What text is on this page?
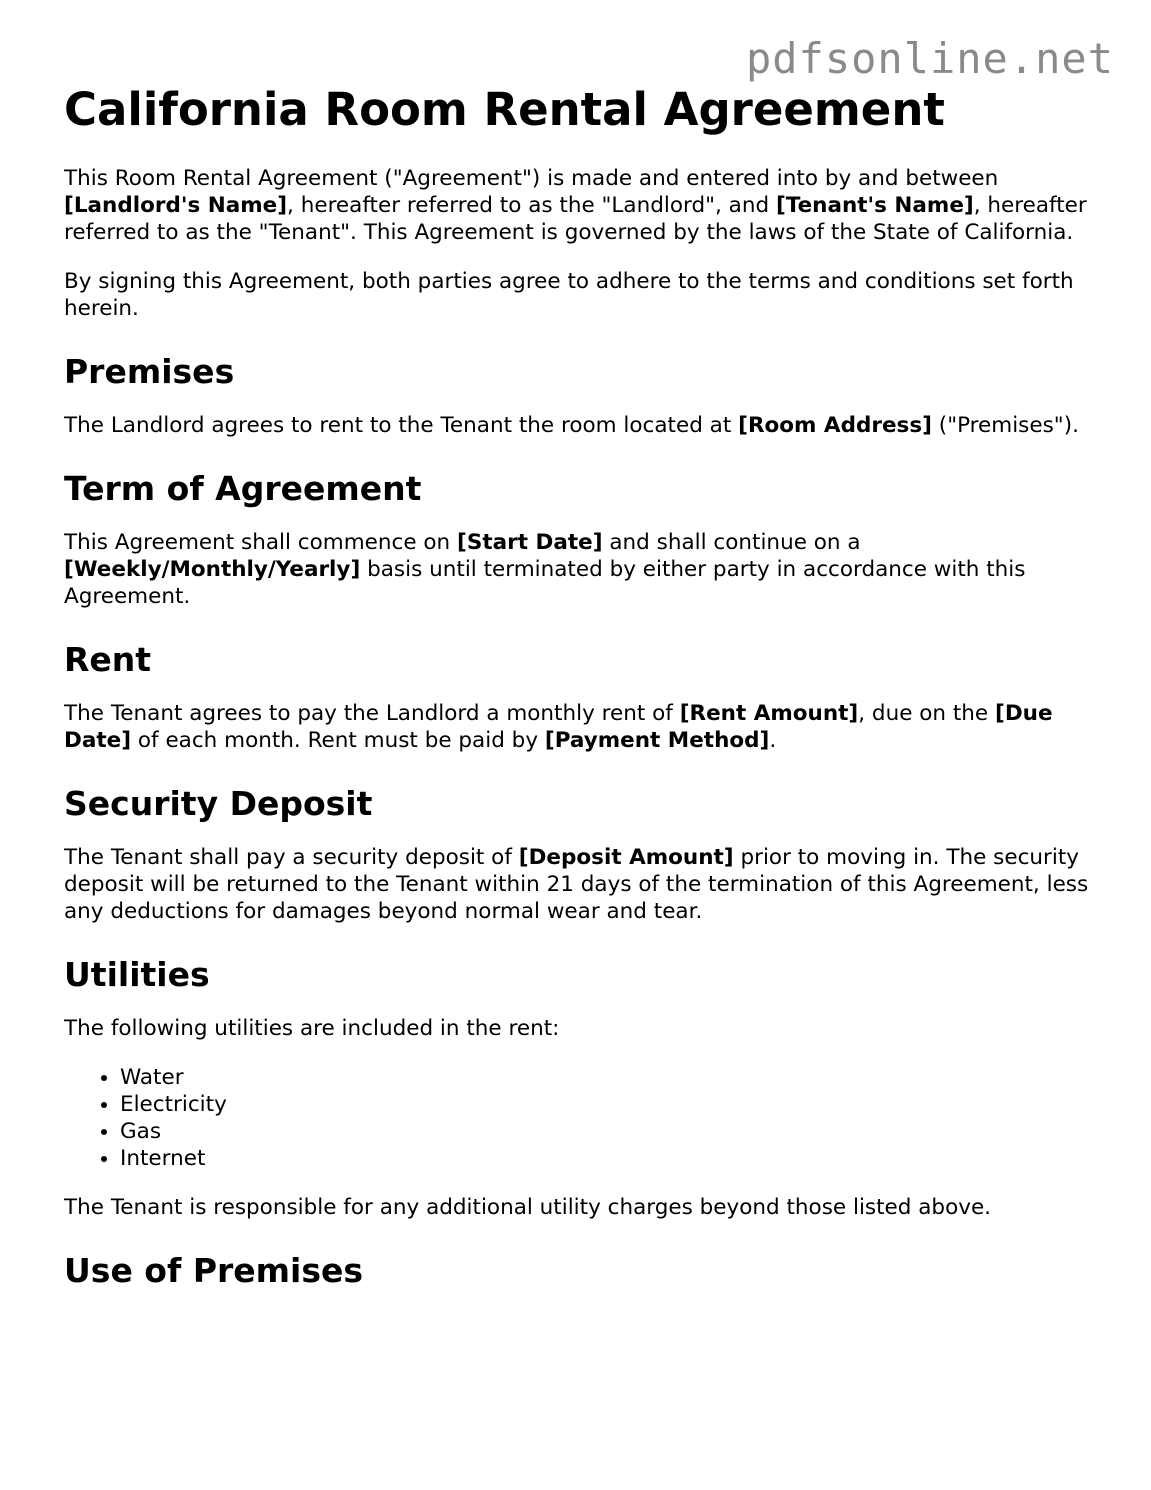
pdfsonline.net
California Room Rental Agreement

This Room Rental Agreement ("Agreement") is made and entered into by and between [Landlord's Name], hereafter referred to as the "Landlord", and [Tenant's Name], hereafter referred to as the "Tenant". This Agreement is governed by the laws of the State of California.

By signing this Agreement, both parties agree to adhere to the terms and conditions set forth herein.

Premises

The Landlord agrees to rent to the Tenant the room located at [Room Address] ("Premises").

Term of Agreement

This Agreement shall commence on [Start Date] and shall continue on a [Weekly/Monthly/Yearly] basis until terminated by either party in accordance with this Agreement.

Rent

The Tenant agrees to pay the Landlord a monthly rent of [Rent Amount], due on the [Due Date] of each month. Rent must be paid by [Payment Method].

Security Deposit

The Tenant shall pay a security deposit of [Deposit Amount] prior to moving in. The security deposit will be returned to the Tenant within 21 days of the termination of this Agreement, less any deductions for damages beyond normal wear and tear.

Utilities

The following utilities are included in the rent:

• Water
• Electricity
• Gas
• Internet

The Tenant is responsible for any additional utility charges beyond those listed above.

Use of Premises
